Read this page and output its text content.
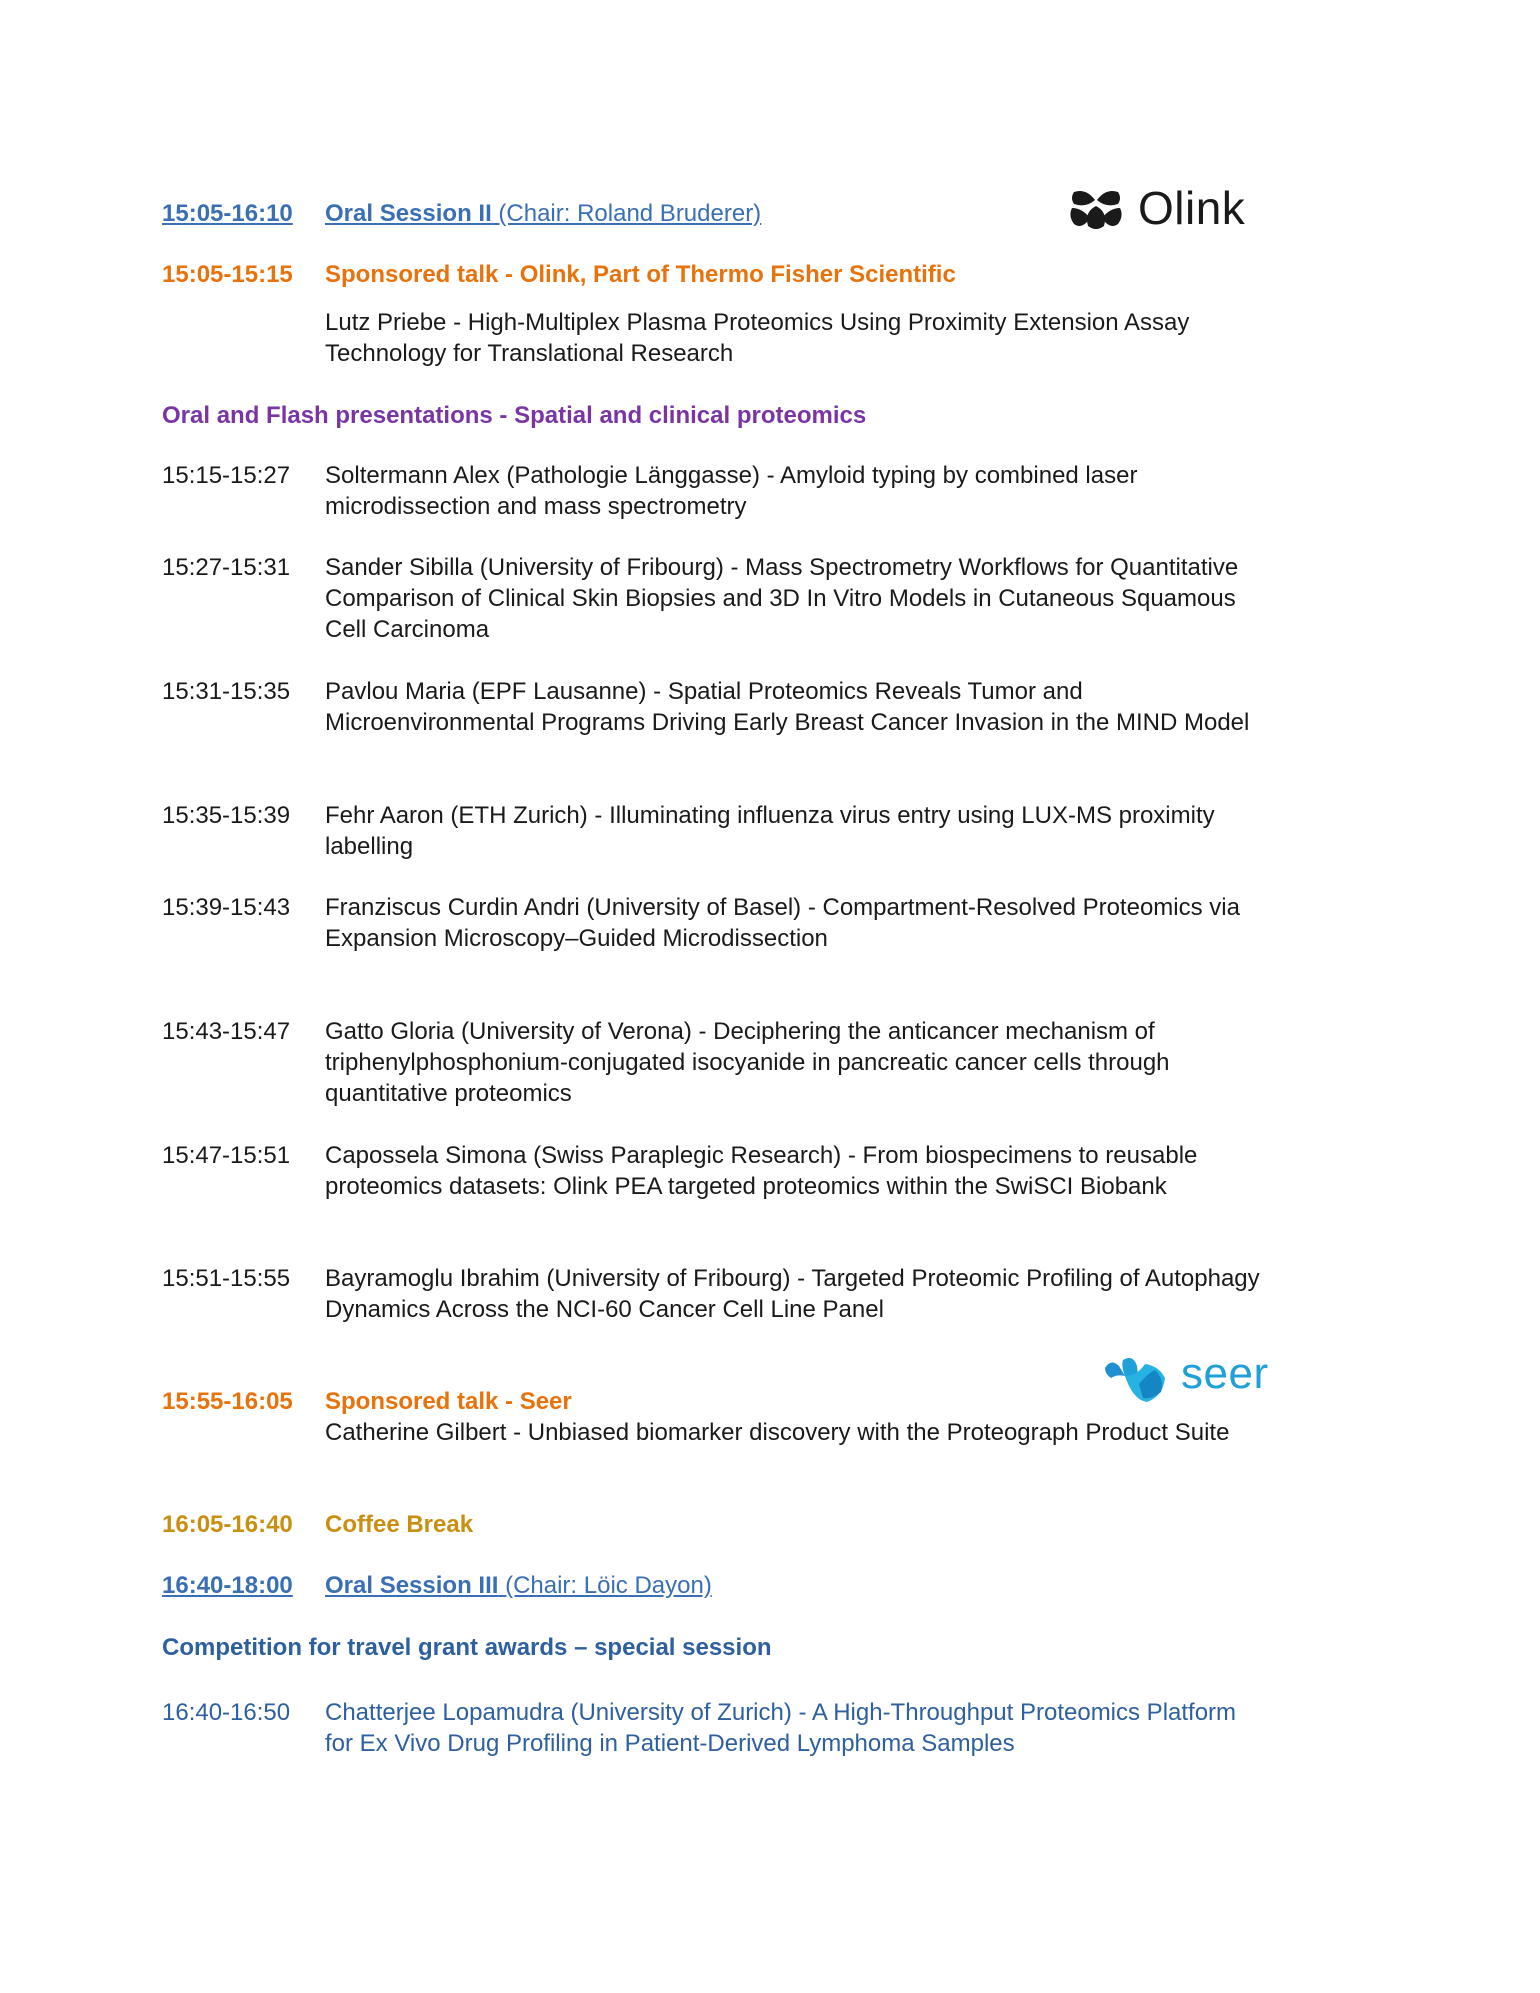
15:05-16:10	Oral Session II (Chair: Roland Bruderer)	Olink
15:05-15:15	Sponsored talk - Olink, Part of Thermo Fisher Scientific
Lutz Priebe - High-Multiplex Plasma Proteomics Using Proximity Extension Assay
Technology for Translational Research
Oral and Flash presentations - Spatial and clinical proteomics
15:15-15:27	Soltermann Alex (Pathologie Länggasse) - Amyloid typing by combined laser
microdissection and mass spectrometry
15:27-15:31	Sander Sibilla (University of Fribourg) - Mass Spectrometry Workflows for Quantitative
Comparison of Clinical Skin Biopsies and 3D In Vitro Models in Cutaneous Squamous
Cell Carcinoma
15:31-15:35	Pavlou Maria (EPF Lausanne) - Spatial Proteomics Reveals Tumor and
Microenvironmental Programs Driving Early Breast Cancer Invasion in the MIND Model
15:35-15:39	Fehr Aaron (ETH Zurich) - Illuminating influenza virus entry using LUX-MS proximity
labelling
15:39-15:43	Franziscus Curdin Andri (University of Basel) - Compartment-Resolved Proteomics via
Expansion Microscopy–Guided Microdissection
15:43-15:47	Gatto Gloria (University of Verona) - Deciphering the anticancer mechanism of
triphenylphosphonium-conjugated isocyanide in pancreatic cancer cells through
quantitative proteomics
15:47-15:51	Capossela Simona (Swiss Paraplegic Research) - From biospecimens to reusable
proteomics datasets: Olink PEA targeted proteomics within the SwiSCI Biobank
15:51-15:55	Bayramoglu Ibrahim (University of Fribourg) - Targeted Proteomic Profiling of Autophagy
Dynamics Across the NCI-60 Cancer Cell Line Panel
seer
15:55-16:05	Sponsored talk - Seer
Catherine Gilbert - Unbiased biomarker discovery with the Proteograph Product Suite
16:05-16:40	Coffee Break
16:40-18:00	Oral Session III (Chair: Löic Dayon)
Competition for travel grant awards – special session
16:40-16:50	Chatterjee Lopamudra (University of Zurich) - A High-Throughput Proteomics Platform
for Ex Vivo Drug Profiling in Patient-Derived Lymphoma Samples
